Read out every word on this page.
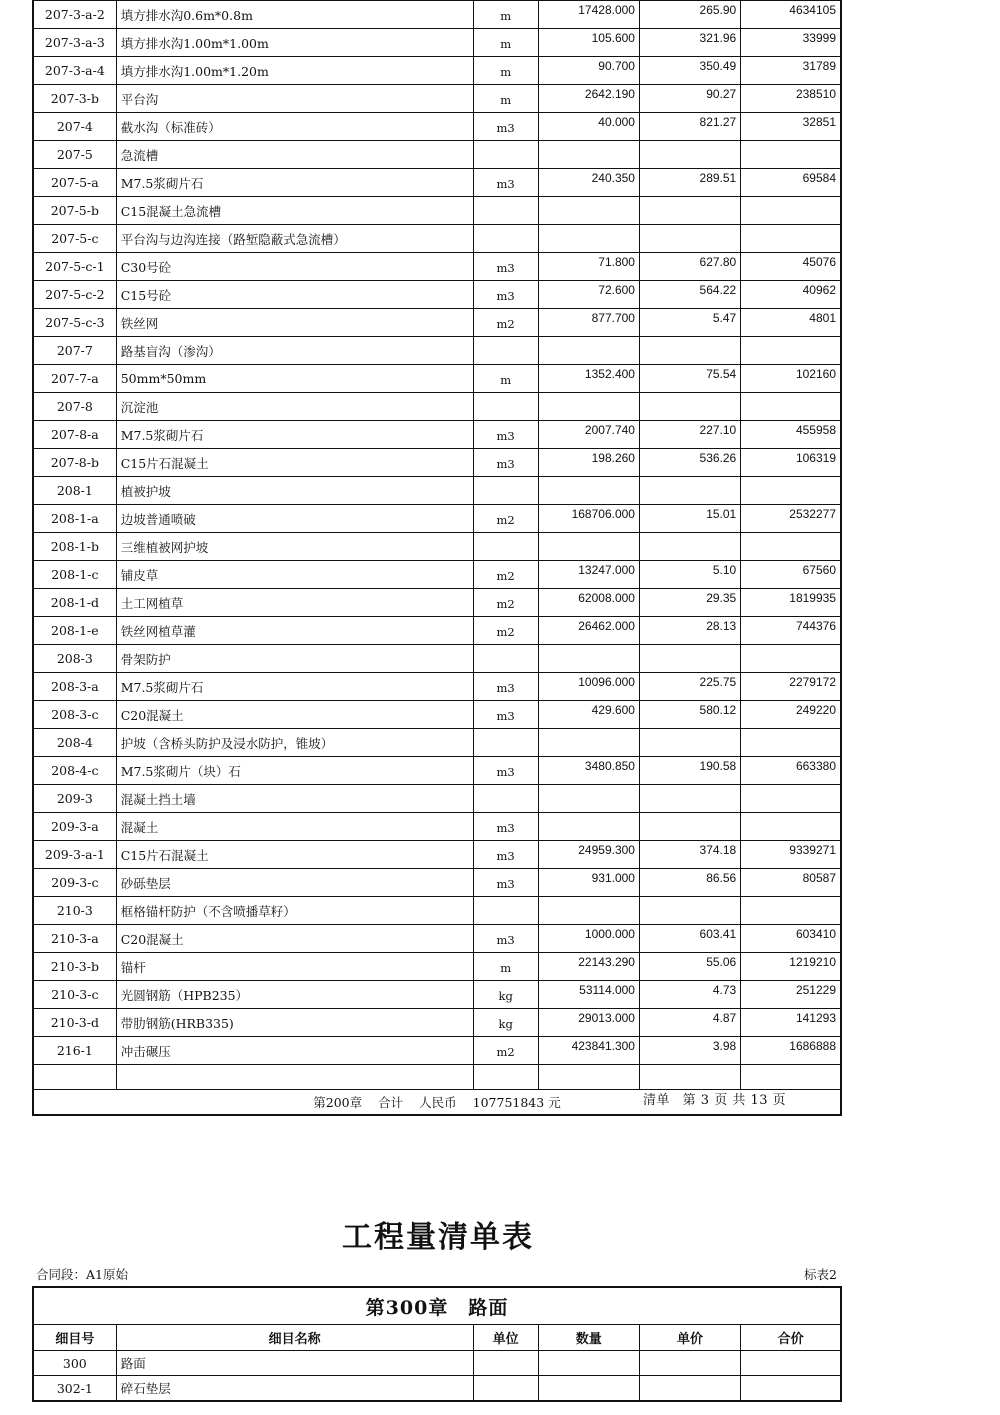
207-3-a-2	填方排水沟0.6m*0.8m	m	17428.000	265.90	4634105
207-3-a-3	填方排水沟1.00m*1.00m	m	105.600	321.96	33999
207-3-a-4	填方排水沟1.00m*1.20m	m	90.700	350.49	31789
207-3-b	平台沟	m	2642.190	90.27	238510
207-4	截水沟（标准砖）	m3	40.000	821.27	32851
207-5	急流槽				
207-5-a	M7.5浆砌片石	m3	240.350	289.51	69584
207-5-b	C15混凝土急流槽				
207-5-c	平台沟与边沟连接（路堑隐蔽式急流槽）				
207-5-c-1	C30号砼	m3	71.800	627.80	45076
207-5-c-2	C15号砼	m3	72.600	564.22	40962
207-5-c-3	铁丝网	m2	877.700	5.47	4801
207-7	路基盲沟（渗沟）				
207-7-a	50mm*50mm	m	1352.400	75.54	102160
207-8	沉淀池				
207-8-a	M7.5浆砌片石	m3	2007.740	227.10	455958
207-8-b	C15片石混凝土	m3	198.260	536.26	106319
208-1	植被护坡				
208-1-a	边坡普通喷破	m2	168706.000	15.01	2532277
208-1-b	三维植被网护坡				
208-1-c	铺皮草	m2	13247.000	5.10	67560
208-1-d	土工网植草	m2	62008.000	29.35	1819935
208-1-e	铁丝网植草灌	m2	26462.000	28.13	744376
208-3	骨架防护				
208-3-a	M7.5浆砌片石	m3	10096.000	225.75	2279172
208-3-c	C20混凝土	m3	429.600	580.12	249220
208-4	护坡（含桥头防护及浸水防护，锥坡）				
208-4-c	M7.5浆砌片（块）石	m3	3480.850	190.58	663380
209-3	混凝土挡土墙				
209-3-a	混凝土	m3			
209-3-a-1	C15片石混凝土	m3	24959.300	374.18	9339271
209-3-c	砂砾垫层	m3	931.000	86.56	80587
210-3	框格锚杆防护（不含喷播草籽）				
210-3-a	C20混凝土	m3	1000.000	603.41	603410
210-3-b	锚杆	m	22143.290	55.06	1219210
210-3-c	光圆钢筋（HPB235）	kg	53114.000	4.73	251229
210-3-d	带肋钢筋(HRB335)	kg	29013.000	4.87	141293
216-1	冲击碾压	m2	423841.300	3.98	1686888

第200章 合计 人民币 107751843 元						清单 第 3 页 共 13 页
工程量清单表
合同段：A1原始	标表2
第300章 路面					
细目号	细目名称	单位	数量	单价	合价
300	路面				
302-1	碎石垫层				
